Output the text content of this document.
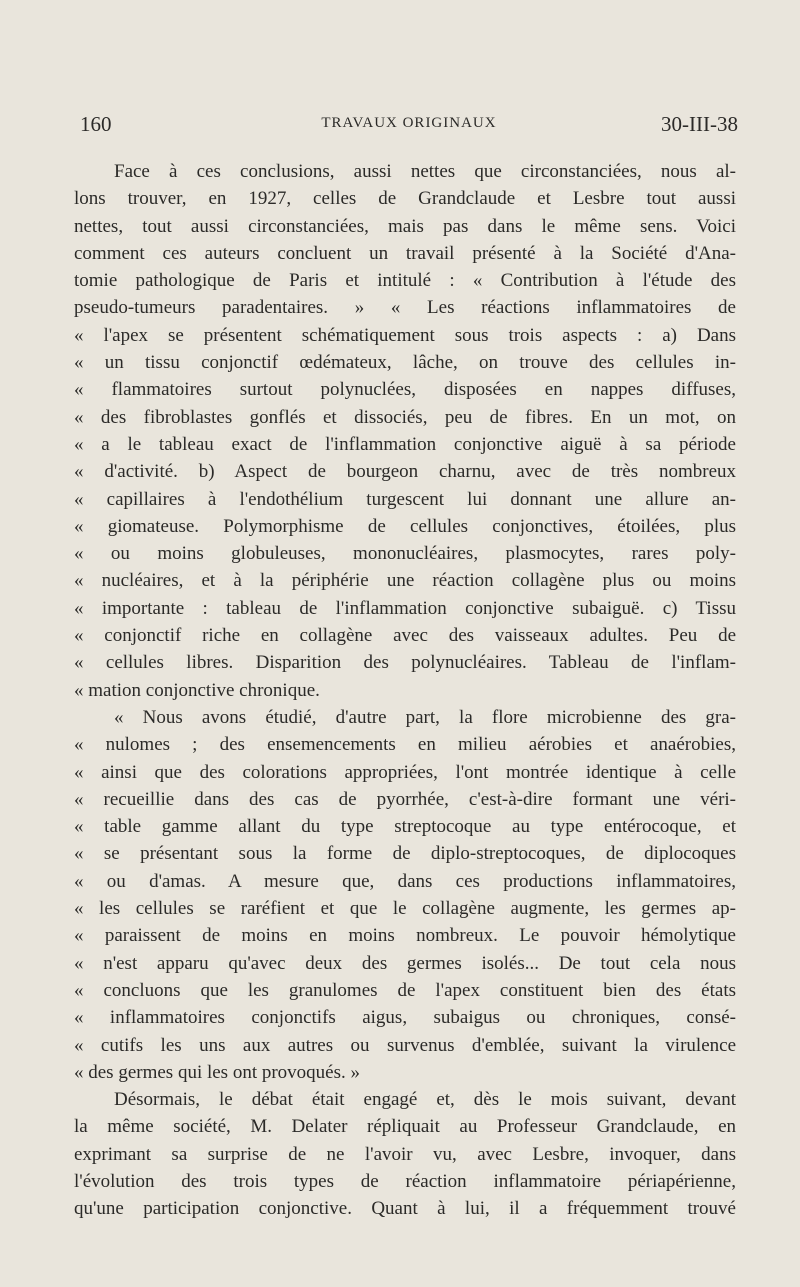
160	TRAVAUX ORIGINAUX	30-III-38
Face à ces conclusions, aussi nettes que circonstanciées, nous al-
lons trouver, en 1927, celles de Grandclaude et Lesbre tout aussi
nettes, tout aussi circonstanciées, mais pas dans le même sens. Voici
comment ces auteurs concluent un travail présenté à la Société d'Ana-
tomie pathologique de Paris et intitulé : « Contribution à l'étude des
pseudo-tumeurs paradentaires. » « Les réactions inflammatoires de
« l'apex se présentent schématiquement sous trois aspects : a) Dans
« un tissu conjonctif œdémateux, lâche, on trouve des cellules in-
« flammatoires surtout polynuclées, disposées en nappes diffuses,
« des fibroblastes gonflés et dissociés, peu de fibres. En un mot, on
« a le tableau exact de l'inflammation conjonctive aiguë à sa période
« d'activité. b) Aspect de bourgeon charnu, avec de très nombreux
« capillaires à l'endothélium turgescent lui donnant une allure an-
« giomateuse. Polymorphisme de cellules conjonctives, étoilées, plus
« ou moins globuleuses, mononucléaires, plasmocytes, rares poly-
« nucléaires, et à la périphérie une réaction collagène plus ou moins
« importante : tableau de l'inflammation conjonctive subaiguë. c) Tissu
« conjonctif riche en collagène avec des vaisseaux adultes. Peu de
« cellules libres. Disparition des polynucléaires. Tableau de l'inflam-
« mation conjonctive chronique.
« Nous avons étudié, d'autre part, la flore microbienne des gra-
« nulomes ; des ensemencements en milieu aérobies et anaérobies,
« ainsi que des colorations appropriées, l'ont montrée identique à celle
« recueillie dans des cas de pyorrhée, c'est-à-dire formant une véri-
« table gamme allant du type streptocoque au type entérocoque, et
« se présentant sous la forme de diplo-streptocoques, de diplocoques
« ou d'amas. A mesure que, dans ces productions inflammatoires,
« les cellules se raréfient et que le collagène augmente, les germes ap-
« paraissent de moins en moins nombreux. Le pouvoir hémolytique
« n'est apparu qu'avec deux des germes isolés... De tout cela nous
« concluons que les granulomes de l'apex constituent bien des états
« inflammatoires conjonctifs aigus, subaigus ou chroniques, consé-
« cutifs les uns aux autres ou survenus d'emblée, suivant la virulence
« des germes qui les ont provoqués. »
Désormais, le débat était engagé et, dès le mois suivant, devant
la même société, M. Delater répliquait au Professeur Grandclaude, en
exprimant sa surprise de ne l'avoir vu, avec Lesbre, invoquer, dans
l'évolution des trois types de réaction inflammatoire périapérienne,
qu'une participation conjonctive. Quant à lui, il a fréquemment trouvé
